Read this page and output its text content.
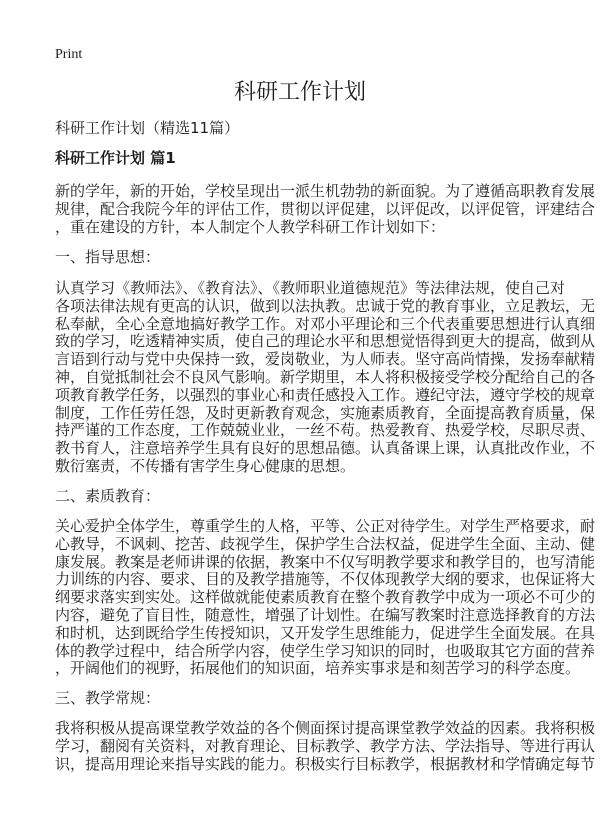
Print
科研工作计划
科研工作计划（精选11篇）
科研工作计划 篇1
新的学年，新的开始，学校呈现出一派生机勃勃的新面貌。为了遵循高职教育发展
规律，配合我院今年的评估工作，贯彻以评促建，以评促改，以评促管，评建结合
，重在建设的方针，本人制定个人教学科研工作计划如下：
一、指导思想：
认真学习《教师法》、《教育法》、《教师职业道德规范》等法律法规，使自己对
各项法律法规有更高的认识，做到以法执教。忠诚于党的教育事业，立足教坛，无
私奉献，全心全意地搞好教学工作。对邓小平理论和三个代表重要思想进行认真细
致的学习，吃透精神实质，使自己的理论水平和思想觉悟得到更大的提高，做到从
言语到行动与党中央保持一致，爱岗敬业，为人师表。坚守高尚情操，发扬奉献精
神，自觉抵制社会不良风气影响。新学期里，本人将积极接受学校分配给自己的各
项教育教学任务，以强烈的事业心和责任感投入工作。遵纪守法，遵守学校的规章
制度，工作任劳任怨，及时更新教育观念，实施素质教育，全面提高教育质量，保
持严谨的工作态度，工作兢兢业业，一丝不苟。热爱教育、热爱学校，尽职尽责、
教书育人，注意培养学生具有良好的思想品德。认真备课上课，认真批改作业，不
敷衍塞责，不传播有害学生身心健康的思想。
二、素质教育：
关心爱护全体学生，尊重学生的人格，平等、公正对待学生。对学生严格要求，耐
心教导，不讽刺、挖苦、歧视学生，保护学生合法权益，促进学生全面、主动、健
康发展。教案是老师讲课的依据，教案中不仅写明教学要求和教学目的，也写清能
力训练的内容、要求、目的及教学措施等，不仅体现教学大纲的要求，也保证将大
纲要求落实到实处。这样做就能使素质教育在整个教育教学中成为一项必不可少的
内容，避免了盲目性，随意性，增强了计划性。在编写教案时注意选择教育的方法
和时机，达到既给学生传授知识，又开发学生思维能力，促进学生全面发展。在具
体的教学过程中，结合所学内容，使学生学习知识的同时，也吸取其它方面的营养
，开阔他们的视野，拓展他们的知识面，培养实事求是和刻苦学习的科学态度。
三、教学常规：
我将积极从提高课堂教学效益的各个侧面探讨提高课堂教学效益的因素。我将积极
学习，翻阅有关资料，对教育理论、目标教学、教学方法、学法指导、等进行再认
识，提高用理论来指导实践的能力。积极实行目标教学，根据教材和学情确定每节
